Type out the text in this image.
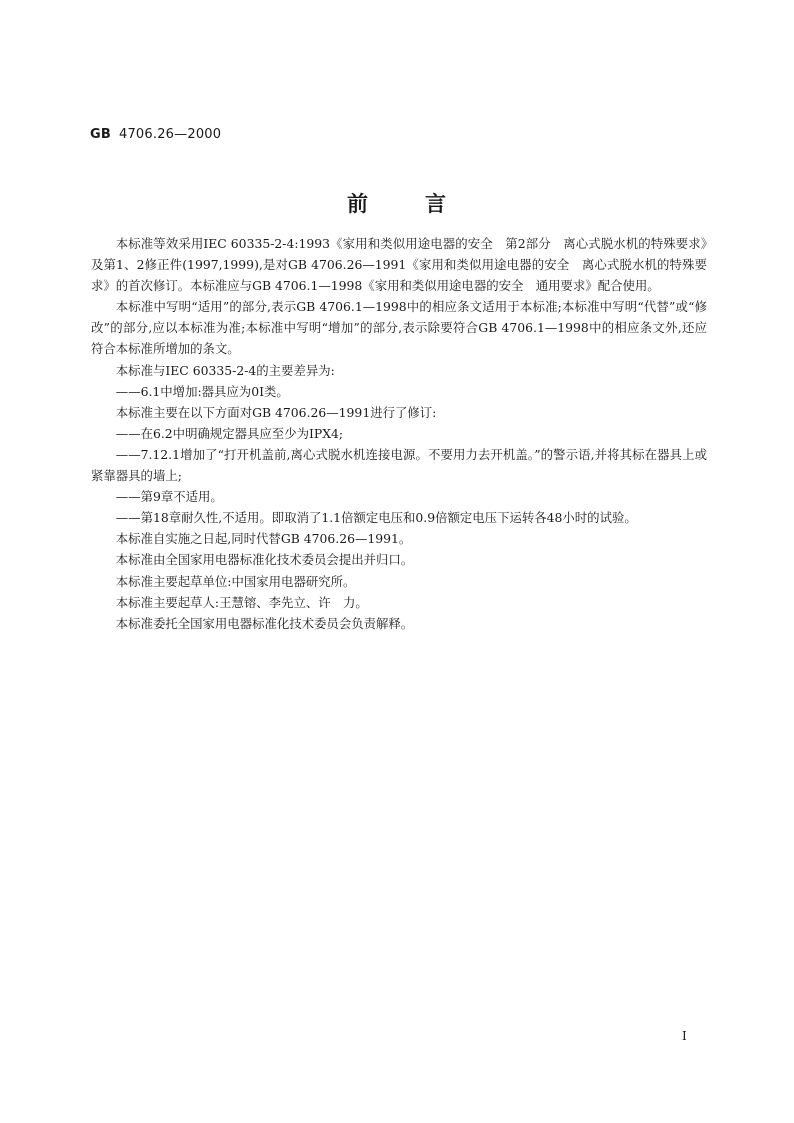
GB 4706.26—2000
前	言

本标准等效采用IEC 60335-2-4:1993《家用和类似用途电器的安全　第2部分　离心式脱水机的特殊要求》及第1、2修正件(1997,1999),是对GB 4706.26—1991《家用和类似用途电器的安全　离心式脱水机的特殊要求》的首次修订。本标准应与GB 4706.1—1998《家用和类似用途电器的安全　通用要求》配合使用。

本标准中写明“适用”的部分,表示GB 4706.1—1998中的相应条文适用于本标准;本标准中写明“代替”或“修改”的部分,应以本标准为准;本标准中写明“增加”的部分,表示除要符合GB 4706.1—1998中的相应条文外,还应符合本标准所增加的条文。

本标准与IEC 60335-2-4的主要差异为:

——6.1中增加:器具应为0Ⅰ类。

本标准主要在以下方面对GB 4706.26—1991进行了修订:

——在6.2中明确规定器具应至少为IPX4;

——7.12.1增加了“打开机盖前,离心式脱水机连接电源。不要用力去开机盖。”的警示语,并将其标在器具上或紧靠器具的墙上;

——第9章不适用。

——第18章耐久性,不适用。即取消了1.1倍额定电压和0.9倍额定电压下运转各48小时的试验。

本标准自实施之日起,同时代替GB 4706.26—1991。

本标准由全国家用电器标准化技术委员会提出并归口。

本标准主要起草单位:中国家用电器研究所。

本标准主要起草人:王慧镕、李先立、许　力。

本标准委托全国家用电器标准化技术委员会负责解释。

I
